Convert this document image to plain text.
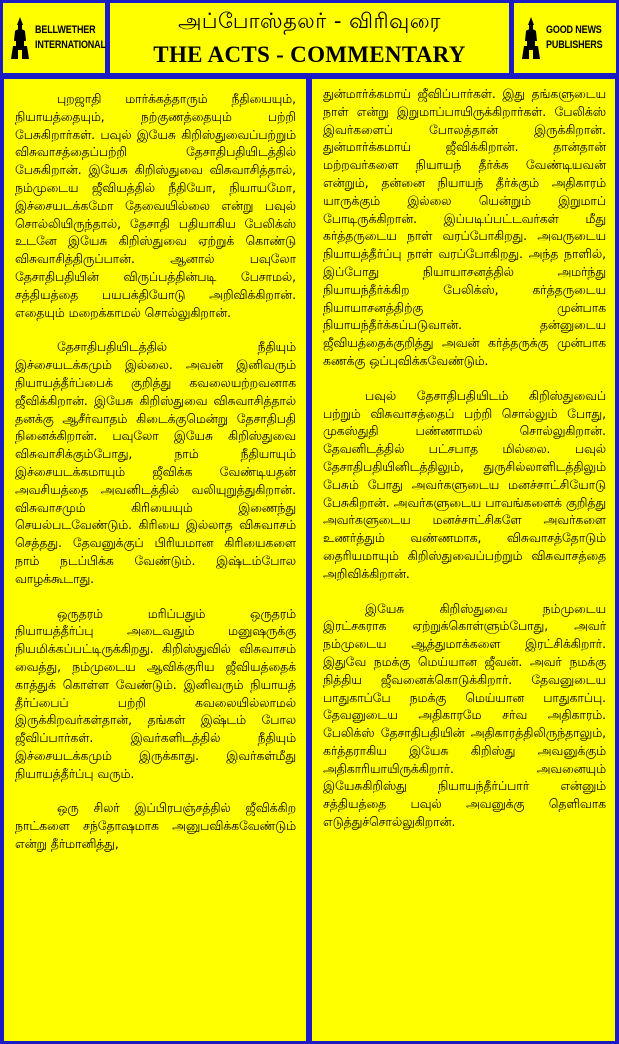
BELLWETHER
INTERNATIONAL
அப்போஸ்தலர் - விரிவுரை
THE ACTS - COMMENTARY
GOOD NEWS
PUBLISHERS

புறஜாதி மார்க்கத்தாரும் நீதியையும், நியாயத்தையும், நற்குணத்தையும் பற்றி பேசுகிறார்கள். பவுல் இயேசு கிறிஸ்துவைப்பற்றும் விசுவாசத்தைப்பற்றி தேசாதிபதியிடத்தில் பேசுகிறான். இயேசு கிறிஸ்துவை விசுவாசித்தால், நம்முடைய ஜீவியத்தில் நீதியோ, நியாயமோ, இச்சையடக்கமோ தேவையில்லை என்று பவுல் சொல்லியிருந்தால், தேசாதி பதியாகிய பேலிக்ஸ் உடனே இயேசு கிறிஸ்துவை ஏற்றுக் கொண்டு விசுவாசித்திருப்பான். ஆனால் பவுலோ தேசாதிபதியின் விருப்பத்தின்படி பேசாமல், சத்தியத்தை பயபக்தியோடு அறிவிக்கிறான். எதையும் மறைக்காமல் சொல்லுகிறான்.

தேசாதிபதியிடத்தில் நீதியும் இச்சையடக்கமும் இல்லை. அவன் இனிவரும் நியாயத்தீர்ப்பைக் குறித்து கவலையற்றவனாக ஜீவிக்கிறான். இயேசு கிறிஸ்துவை விசுவாசித்தால் தனக்கு ஆசீர்வாதம் கிடைக்குமென்று தேசாதிபதி நினைக்கிறான். பவுலோ இயேசு கிறிஸ்துவை விசுவாசிக்கும்போது, நாம் நீதியாயும் இச்சையடக்கமாயும் ஜீவிக்க வேண்டியதன் அவசியத்தை அவனிடத்தில் வலியுறுத்துகிறான். விசுவாசமும் கிரியையும் இணைந்து செயல்படவேண்டும். கிரியை இல்லாத விசுவாசம் செத்தது. தேவனுக்குப் பிரியமான கிரியைகளை நாம் நடப்பிக்க வேண்டும். இஷ்டம்போல வாழக்கூடாது.

ஒருதரம் மரிப்பதும் ஒருதரம் நியாயத்தீர்ப்பு அடைவதும் மனுஷருக்கு நியமிக்கப்பட்டிருக்கிறது. கிறிஸ்துவில் விசுவாசம் வைத்து, நம்முடைய ஆவிக்குரிய ஜீவியத்தைக் காத்துக் கொள்ள வேண்டும். இனிவரும் நியாயத் தீர்ப்பைப் பற்றி கவலையில்லாமல் இருக்கிறவர்கள்தான், தங்கள் இஷ்டம் போல ஜீவிப்பார்கள். இவர்களிடத்தில் நீதியும் இச்சையடக்கமும் இருக்காது. இவர்கள்மீது நியாயத்தீர்ப்பு வரும்.

ஒரு சிலர் இப்பிரபஞ்சத்தில் ஜீவிக்கிற நாட்களை சந்தோஷமாக அனுபவிக்கவேண்டும் என்று தீர்மானித்து,

துன்மார்க்கமாய் ஜீவிப்பார்கள். இது தங்களுடைய நாள் என்று இறுமாப்பாயிருக்கிறார்கள். பேலிக்ஸ் இவர்களைப் போலத்தான் இருக்கிறான். துன்மார்க்கமாய் ஜீவிக்கிறான். தான்தான் மற்றவர்களை நியாயந் தீர்க்க வேண்டியவன் என்றும், தன்னை நியாயந் தீர்க்கும் அதிகாரம் யாருக்கும் இல்லை யென்றும் இறுமாப் போடிருக்கிறான். இப்படிப்பட்டவர்கள் மீது கர்த்தருடைய நாள் வரப்போகிறது. அவருடைய நியாயத்தீர்ப்பு நாள் வரப்போகிறது. அந்த நாளில், இப்போது நியாயாசனத்தில் அமர்ந்து நியாயந்தீர்க்கிற பேலிக்ஸ், கர்த்தருடைய நியாயாசனத்திற்கு முன்பாக நியாயந்தீர்க்கப்படுவான். தன்னுடைய ஜீவியத்தைக்குறித்து அவன் கர்த்தருக்கு முன்பாக கணக்கு ஒப்புவிக்கவேண்டும்.

பவுல் தேசாதிபதியிடம் கிறிஸ்துவைப் பற்றும் விசுவாசத்தைப் பற்றி சொல்லும் போது, முகஸ்துதி பண்ணாமல் சொல்லுகிறான். தேவனிடத்தில் பட்சபாத மில்லை. பவுல் தேசாதிபதியினிடத்திலும், துருசில்லாளிடத்திலும் பேசும் போது அவர்களுடைய மனச்சாட்சியோடு பேசுகிறான். அவர்களுடைய பாவங்களைக் குறித்து அவர்களுடைய மனச்சாட்சிகளே அவர்களை உணர்த்தும் வண்ணமாக, விசுவாசத்தோடும் தைரியமாயும் கிறிஸ்துவைப்பற்றும் விசுவாசத்தை அறிவிக்கிறான்.

இயேசு கிறிஸ்துவை நம்முடைய இரட்சகராக ஏற்றுக்கொள்ளும்போது, அவர் நம்முடைய ஆத்துமாக்களை இரட்சிக்கிறார். இதுவே நமக்கு மெய்யான ஜீவன். அவர் நமக்கு நித்திய ஜீவனைக்கொடுக்கிறார். தேவனுடைய பாதுகாப்பே நமக்கு மெய்யான பாதுகாப்பு. தேவனுடைய அதிகாரமே சர்வ அதிகாரம். பேலிக்ஸ் தேசாதிபதியின் அதிகாரத்திலிருந்தாலும், கர்த்தராகிய இயேசு கிறிஸ்து அவனுக்கும் அதிகாரியாயிருக்கிறார். அவனையும் இயேசுகிறிஸ்து நியாயந்தீர்ப்பார் என்னும் சத்தியத்தை பவுல் அவனுக்கு தெளிவாக எடுத்துச்சொல்லுகிறான்.
